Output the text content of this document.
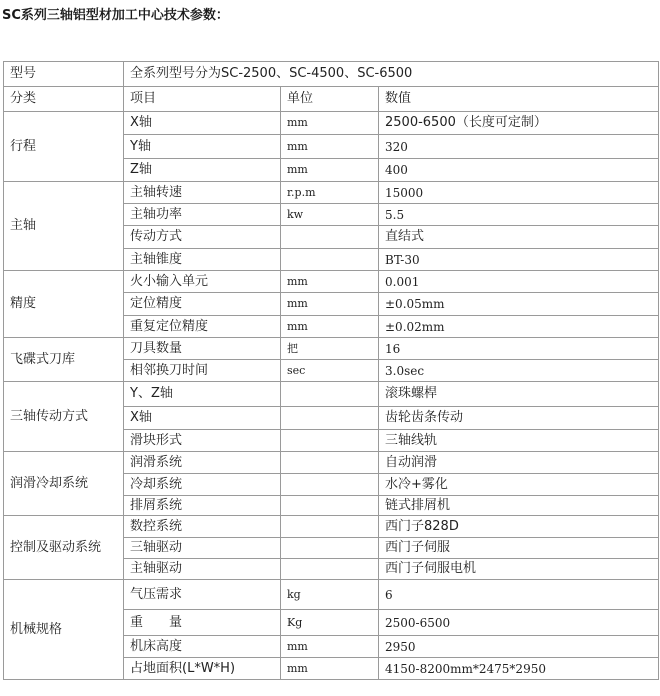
SC系列三轴铝型材加工中心技术参数：
型号	全系列型号分为SC-2500、SC-4500、SC-6500		
分类	项目	单位	数值
行程	X轴	mm	2500-6500（长度可定制）
	Y轴	mm	320
	Z轴	mm	400
主轴	主轴转速	r.p.m	15000
	主轴功率	kw	5.5
	传动方式		直结式
	主轴锥度		BT-30
精度	火小输入单元	mm	0.001
	定位精度	mm	±0.05mm
	重复定位精度	mm	±0.02mm
飞碟式刀库	刀具数量	把	16
	相邻换刀时间	sec	3.0sec
三轴传动方式	Y、Z轴		滚珠螺桿
	X轴		齿轮齿条传动
	滑块形式		三轴线轨
润滑冷却系统	润滑系统		自动润滑
	冷却系统		水冷+雾化
	排屑系统		链式排屑机
控制及驱动系统	数控系统		西门子828D
	三轴驱动		西门子伺服
	主轴驱动		西门子伺服电机
机械规格	气压需求	kg	6
	重　　量	Kg	2500-6500
	机床高度	mm	2950
	占地面积(L*W*H)	mm	4150-8200mm*2475*2950
